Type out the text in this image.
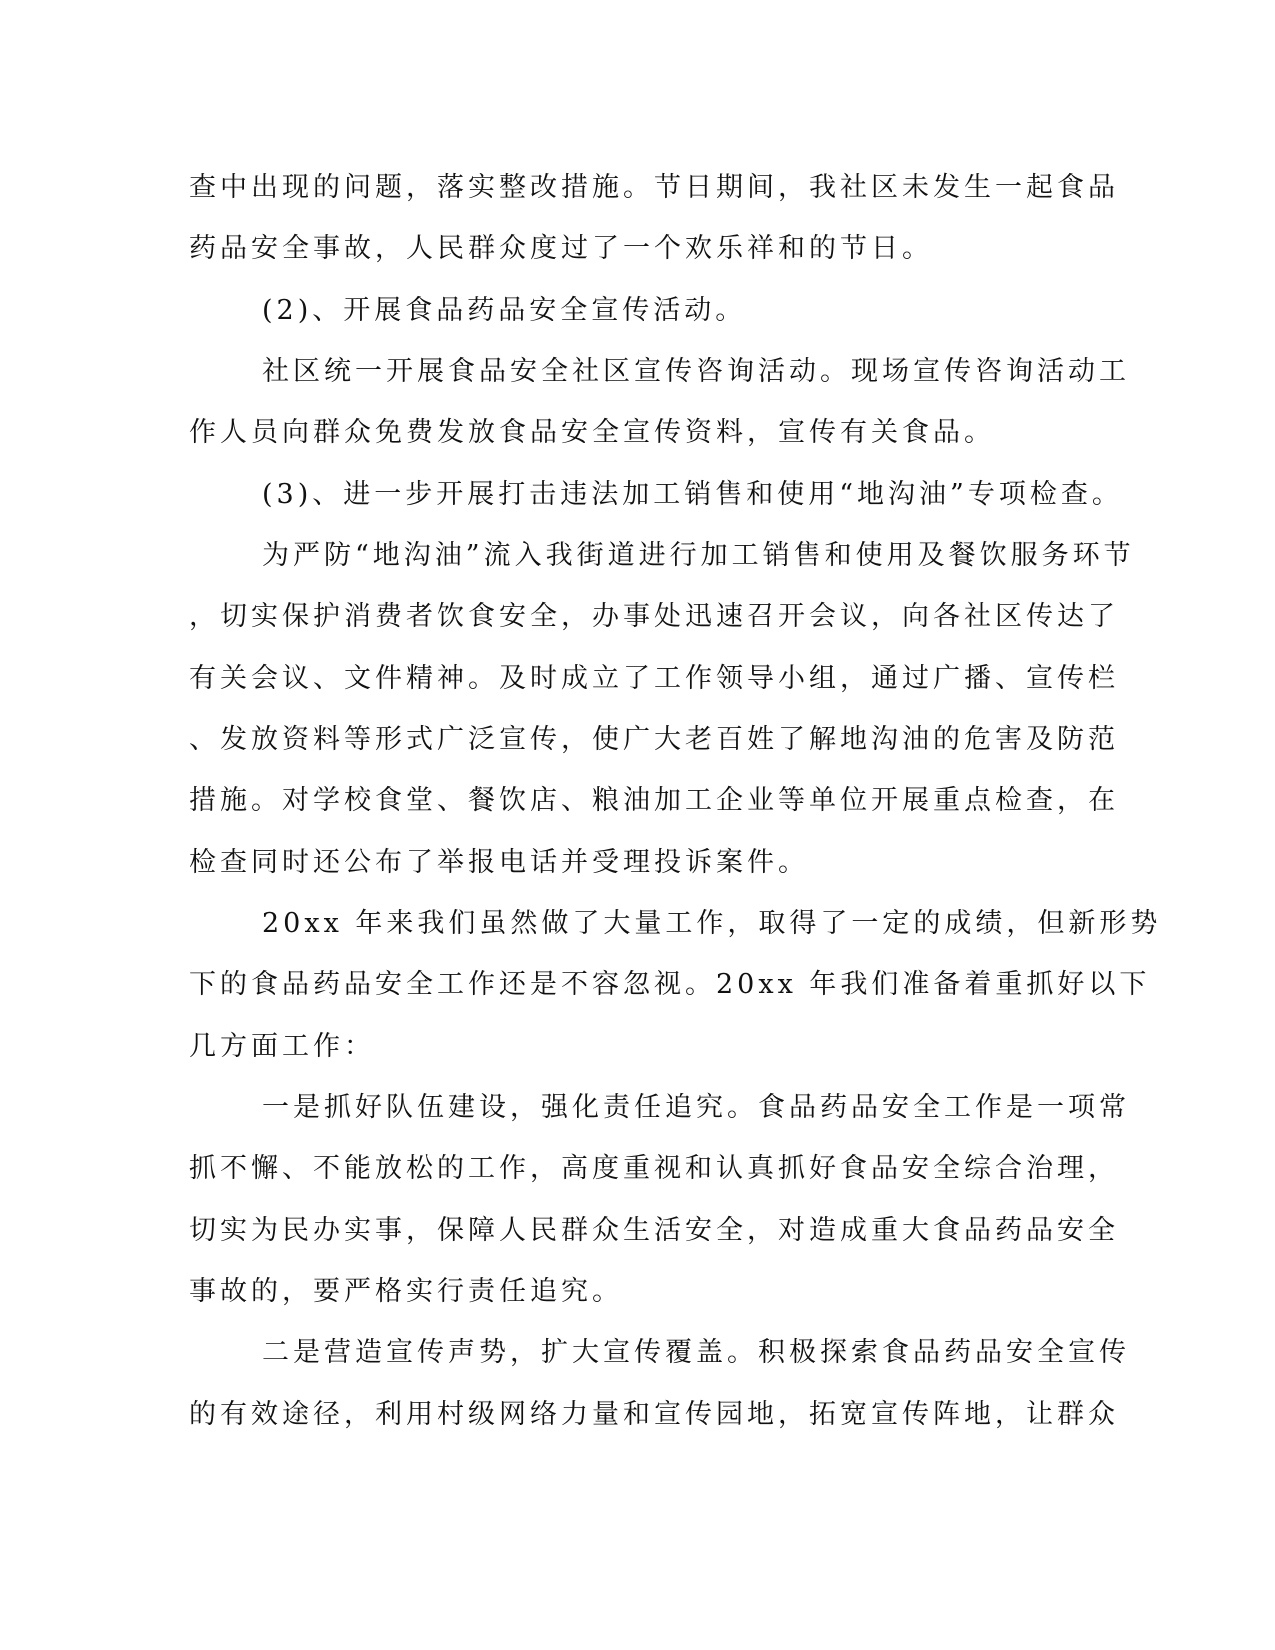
查中出现的问题，落实整改措施。节日期间，我社区未发生一起食品

药品安全事故，人民群众度过了一个欢乐祥和的节日。

(2)、开展食品药品安全宣传活动。

社区统一开展食品安全社区宣传咨询活动。现场宣传咨询活动工

作人员向群众免费发放食品安全宣传资料，宣传有关食品。

(3)、进一步开展打击违法加工销售和使用“地沟油”专项检查。

为严防“地沟油”流入我街道进行加工销售和使用及餐饮服务环节

，切实保护消费者饮食安全，办事处迅速召开会议，向各社区传达了

有关会议、文件精神。及时成立了工作领导小组，通过广播、宣传栏

、发放资料等形式广泛宣传，使广大老百姓了解地沟油的危害及防范

措施。对学校食堂、餐饮店、粮油加工企业等单位开展重点检查，在

检查同时还公布了举报电话并受理投诉案件。

20xx 年来我们虽然做了大量工作，取得了一定的成绩，但新形势

下的食品药品安全工作还是不容忽视。20xx 年我们准备着重抓好以下

几方面工作：

一是抓好队伍建设，强化责任追究。食品药品安全工作是一项常

抓不懈、不能放松的工作，高度重视和认真抓好食品安全综合治理，

切实为民办实事，保障人民群众生活安全，对造成重大食品药品安全

事故的，要严格实行责任追究。

二是营造宣传声势，扩大宣传覆盖。积极探索食品药品安全宣传

的有效途径，利用村级网络力量和宣传园地，拓宽宣传阵地，让群众
